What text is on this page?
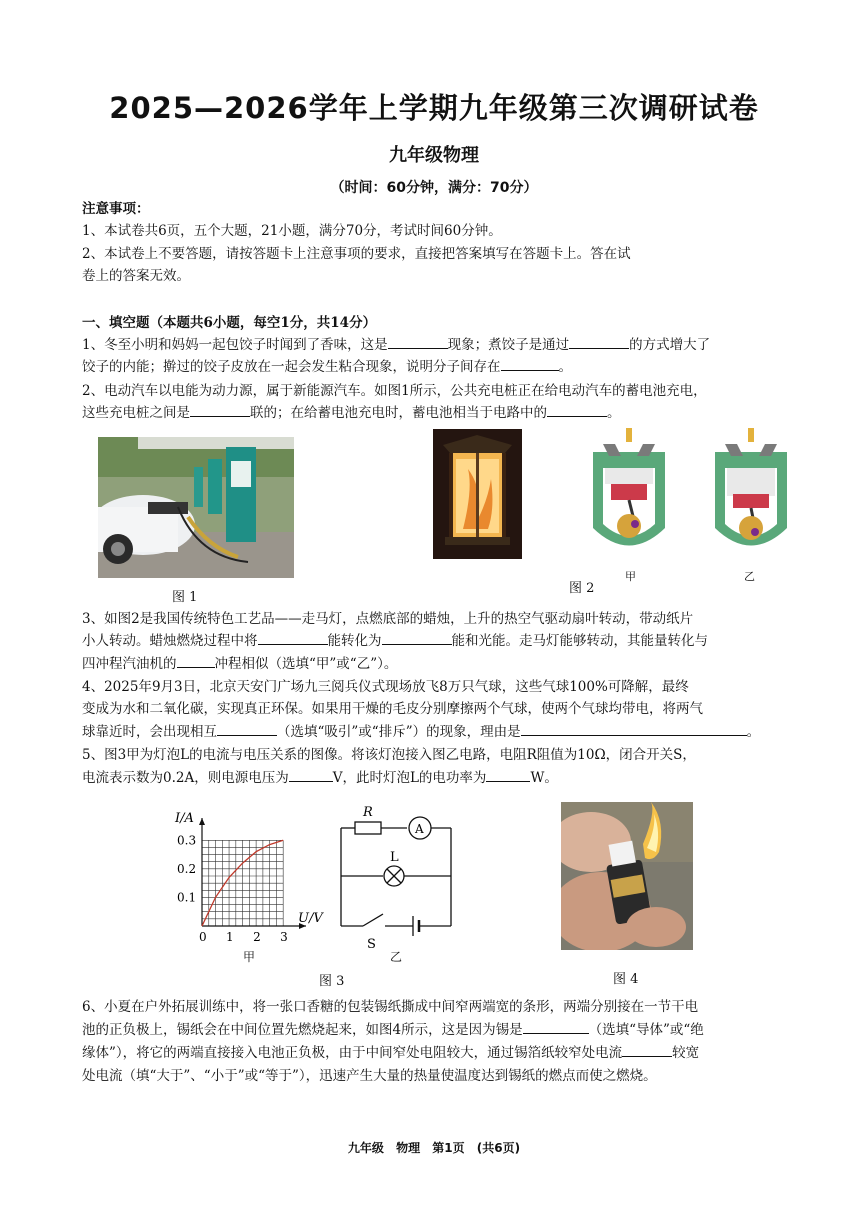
2025—2026学年上学期九年级第三次调研试卷
九年级物理
（时间：60分钟，满分：70分）
注意事项：
1、本试卷共6页，五个大题，21小题，满分70分，考试时间60分钟。
2、本试卷上不要答题，请按答题卡上注意事项的要求，直接把答案填写在答题卡上。答在试
卷上的答案无效。
一、填空题（本题共6小题，每空1分，共14分）
1、冬至小明和妈妈一起包饺子时闻到了香味，这是	现象；煮饺子是通过	的方式增大了
饺子的内能；擀过的饺子皮放在一起会发生粘合现象，说明分子间存在	。
2、电动汽车以电能为动力源，属于新能源汽车。如图1所示，公共充电桩正在给电动汽车的蓄电池充电，
这些充电桩之间是	联的；在给蓄电池充电时，蓄电池相当于电路中的	。
图 1
图 2
甲	乙
3、如图2是我国传统特色工艺品——走马灯，点燃底部的蜡烛，上升的热空气驱动扇叶转动，带动纸片
小人转动。蜡烛燃烧过程中将	能转化为	能和光能。走马灯能够转动，其能量转化与
四冲程汽油机的	冲程相似（选填“甲”或“乙”）。
4、2025年9月3日，北京天安门广场九三阅兵仪式现场放飞8万只气球，这些气球100%可降解，最终
变成为水和二氧化碳，实现真正环保。如果用干燥的毛皮分别摩擦两个气球，使两个气球均带电，将两气
球靠近时，会出现相互	（选填“吸引”或“排斥”）的现象，理由是	。
5、图3甲为灯泡L的电流与电压关系的图像。将该灯泡接入图乙电路，电阻R阻值为10Ω，闭合开关S，
电流表示数为0.2A，则电源电压为	V，此时灯泡L的电功率为	W。
I/A
U/V
0 1 2 3
0.1
0.2
0.3
甲
R
A
L
S
乙
图 3	图 4
6、小夏在户外拓展训练中，将一张口香糖的包装锡纸撕成中间窄两端宽的条形，两端分别接在一节干电
池的正负极上，锡纸会在中间位置先燃烧起来，如图4所示，这是因为锡是	（选填“导体”或“绝
缘体”），将它的两端直接接入电池正负极，由于中间窄处电阻较大，通过锡箔纸较窄处电流	较宽
处电流（填“大于”、“小于”或“等于”），迅速产生大量的热量使温度达到锡纸的燃点而使之燃烧。
九年级 物理 第1页 (共6页)
